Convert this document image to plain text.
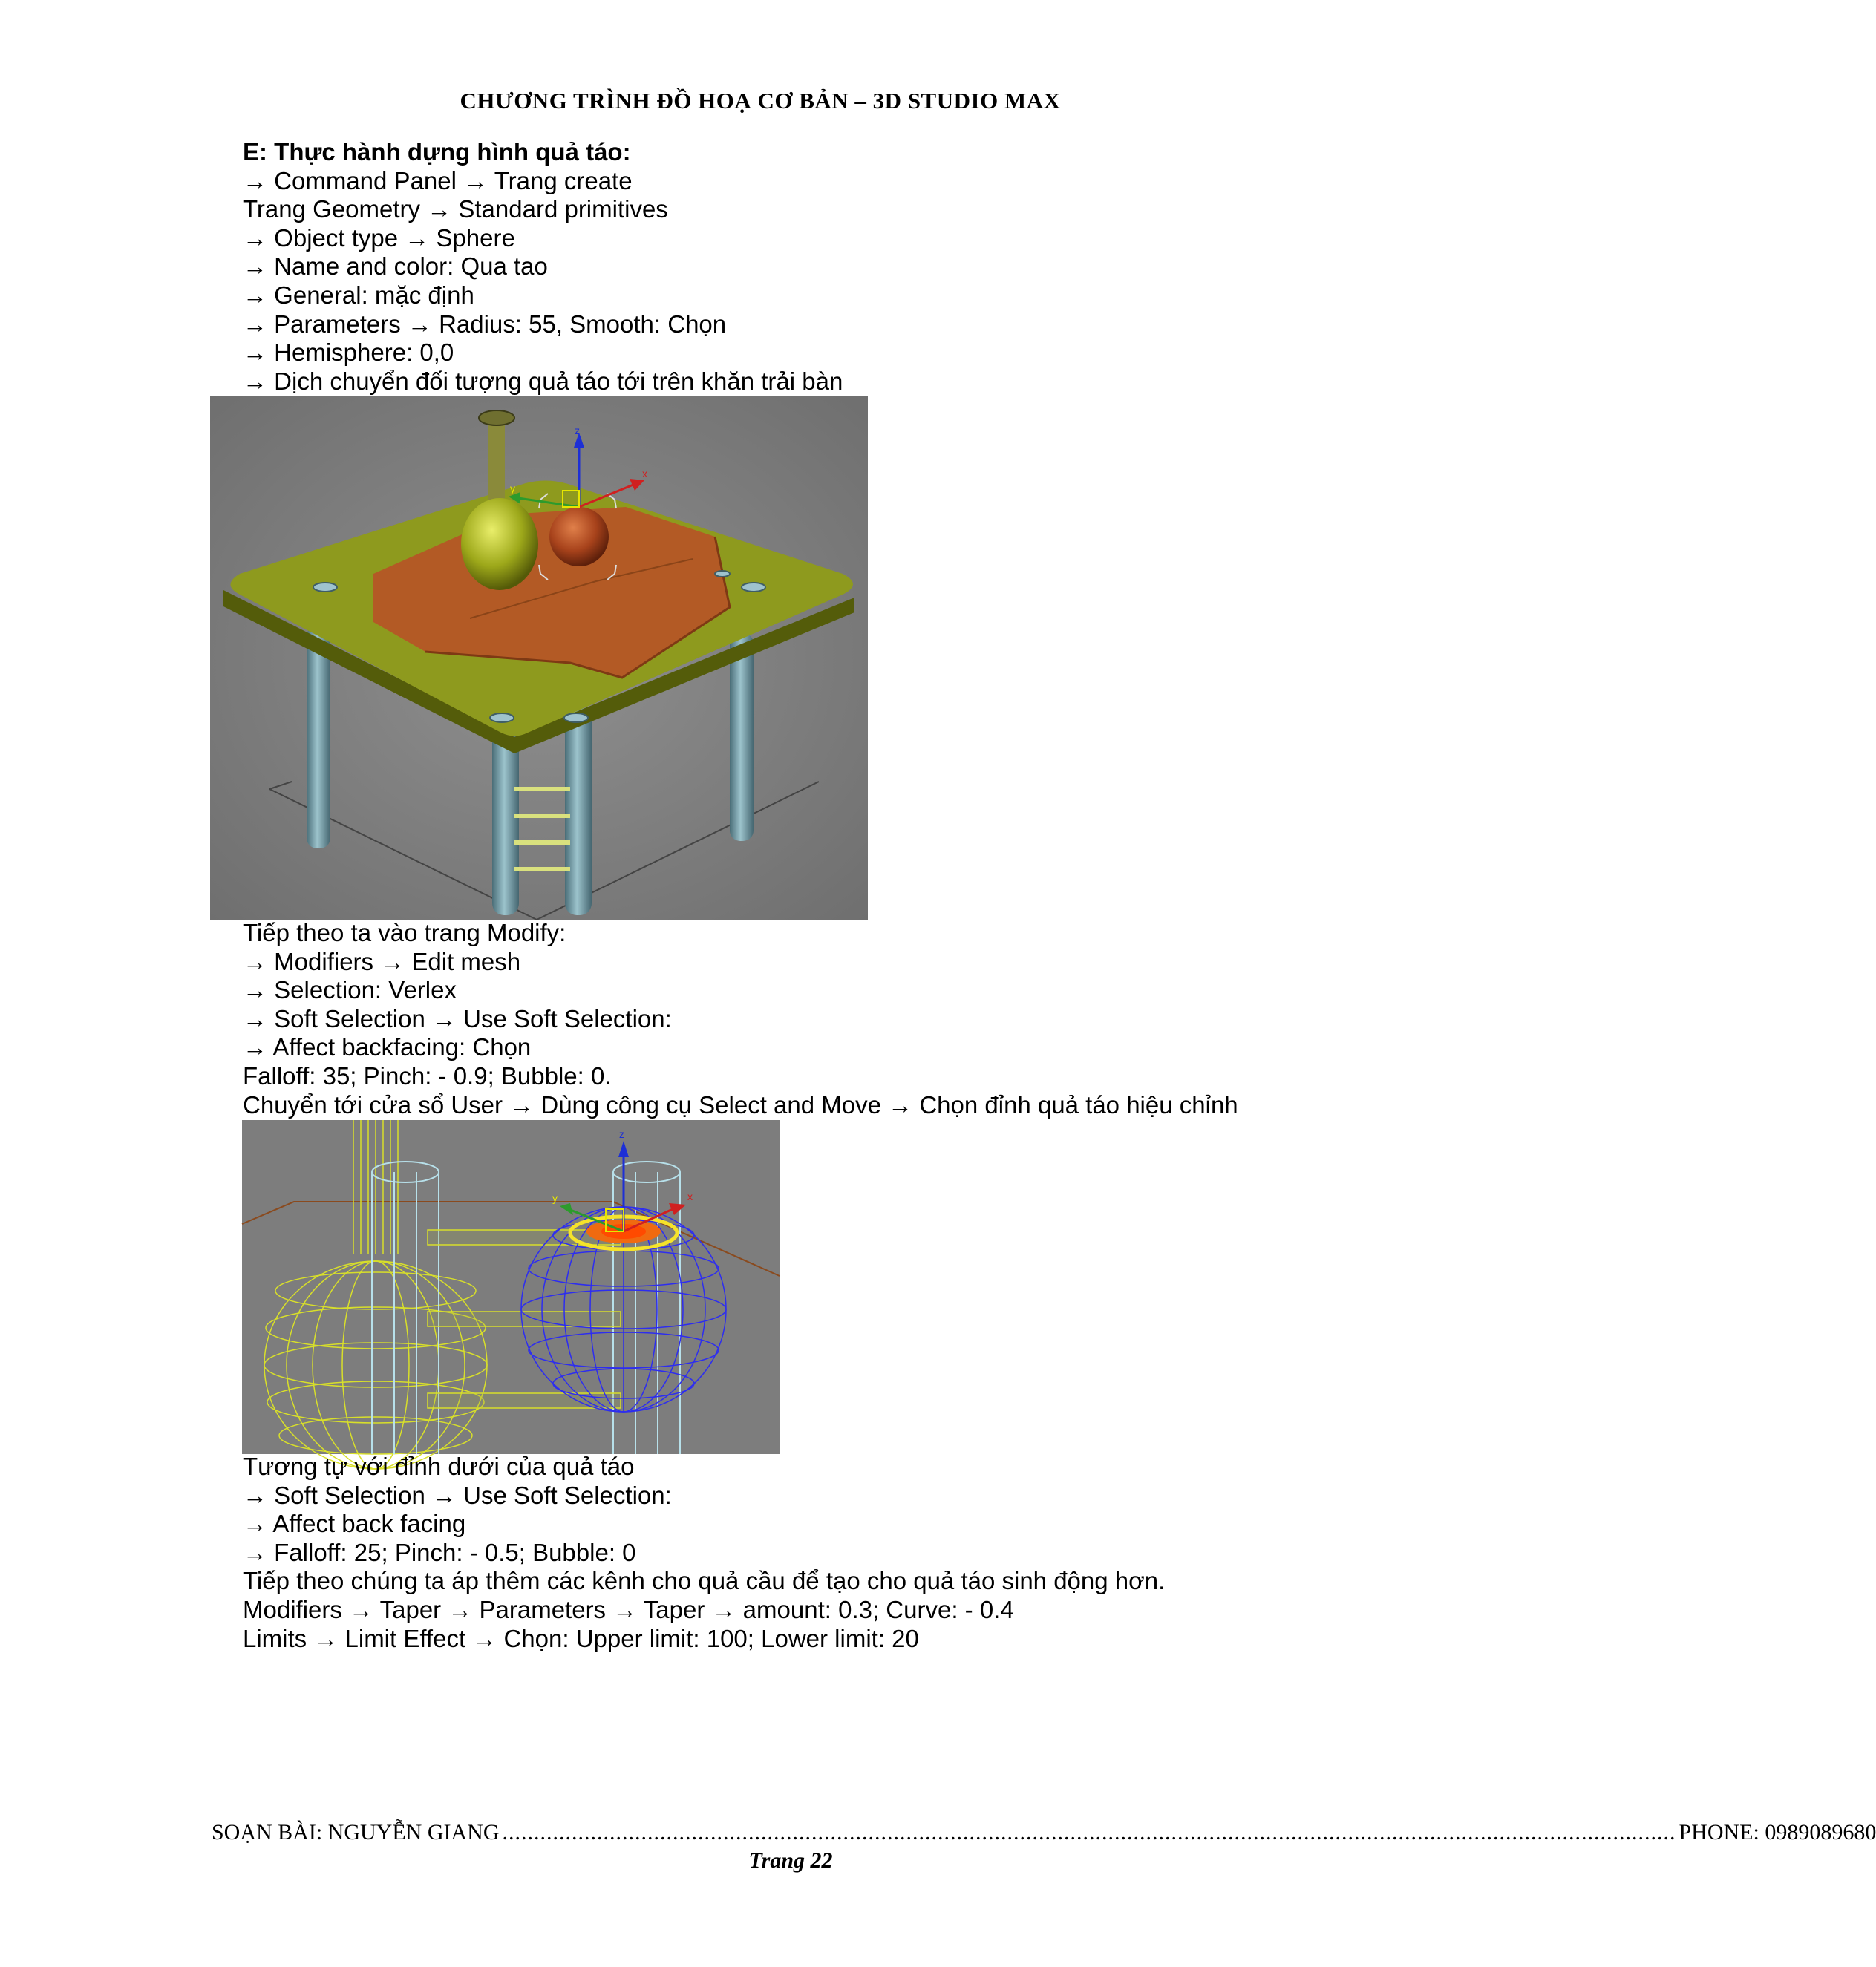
CHƯƠNG TRÌNH ĐỒ HOẠ CƠ BẢN – 3D STUDIO MAX
E: Thực hành dựng hình quả táo:
→ Command Panel → Trang create
Trang Geometry → Standard primitives
→ Object type → Sphere
→ Name and color: Qua tao
→ General: mặc định
→ Parameters → Radius: 55, Smooth: Chọn
→ Hemisphere: 0,0
→ Dịch chuyển đối tượng quả táo tới trên khăn trải bàn
z
y
x
Tiếp theo ta vào trang Modify:
→ Modifiers → Edit mesh
→ Selection: Verlex
→ Soft Selection → Use Soft Selection:
→ Affect backfacing: Chọn
Falloff: 35; Pinch: - 0.9; Bubble: 0.
Chuyển tới cửa sổ User → Dùng công cụ Select and Move → Chọn đỉnh quả táo hiệu chỉnh
z
y	x
Tương tự với đỉnh dưới của quả táo
→ Soft Selection → Use Soft Selection:
→ Affect back facing
→ Falloff: 25; Pinch: - 0.5; Bubble: 0
Tiếp theo chúng ta áp thêm các kênh cho quả cầu để tạo cho quả táo sinh động hơn.
Modifiers → Taper → Parameters → Taper → amount: 0.3; Curve: - 0.4
Limits → Limit Effect → Chọn: Upper limit: 100; Lower limit: 20
SOẠN BÀI: NGUYỄN GIANG .......................................................................................................................................................................................... PHONE: 0989089680
Trang 22
